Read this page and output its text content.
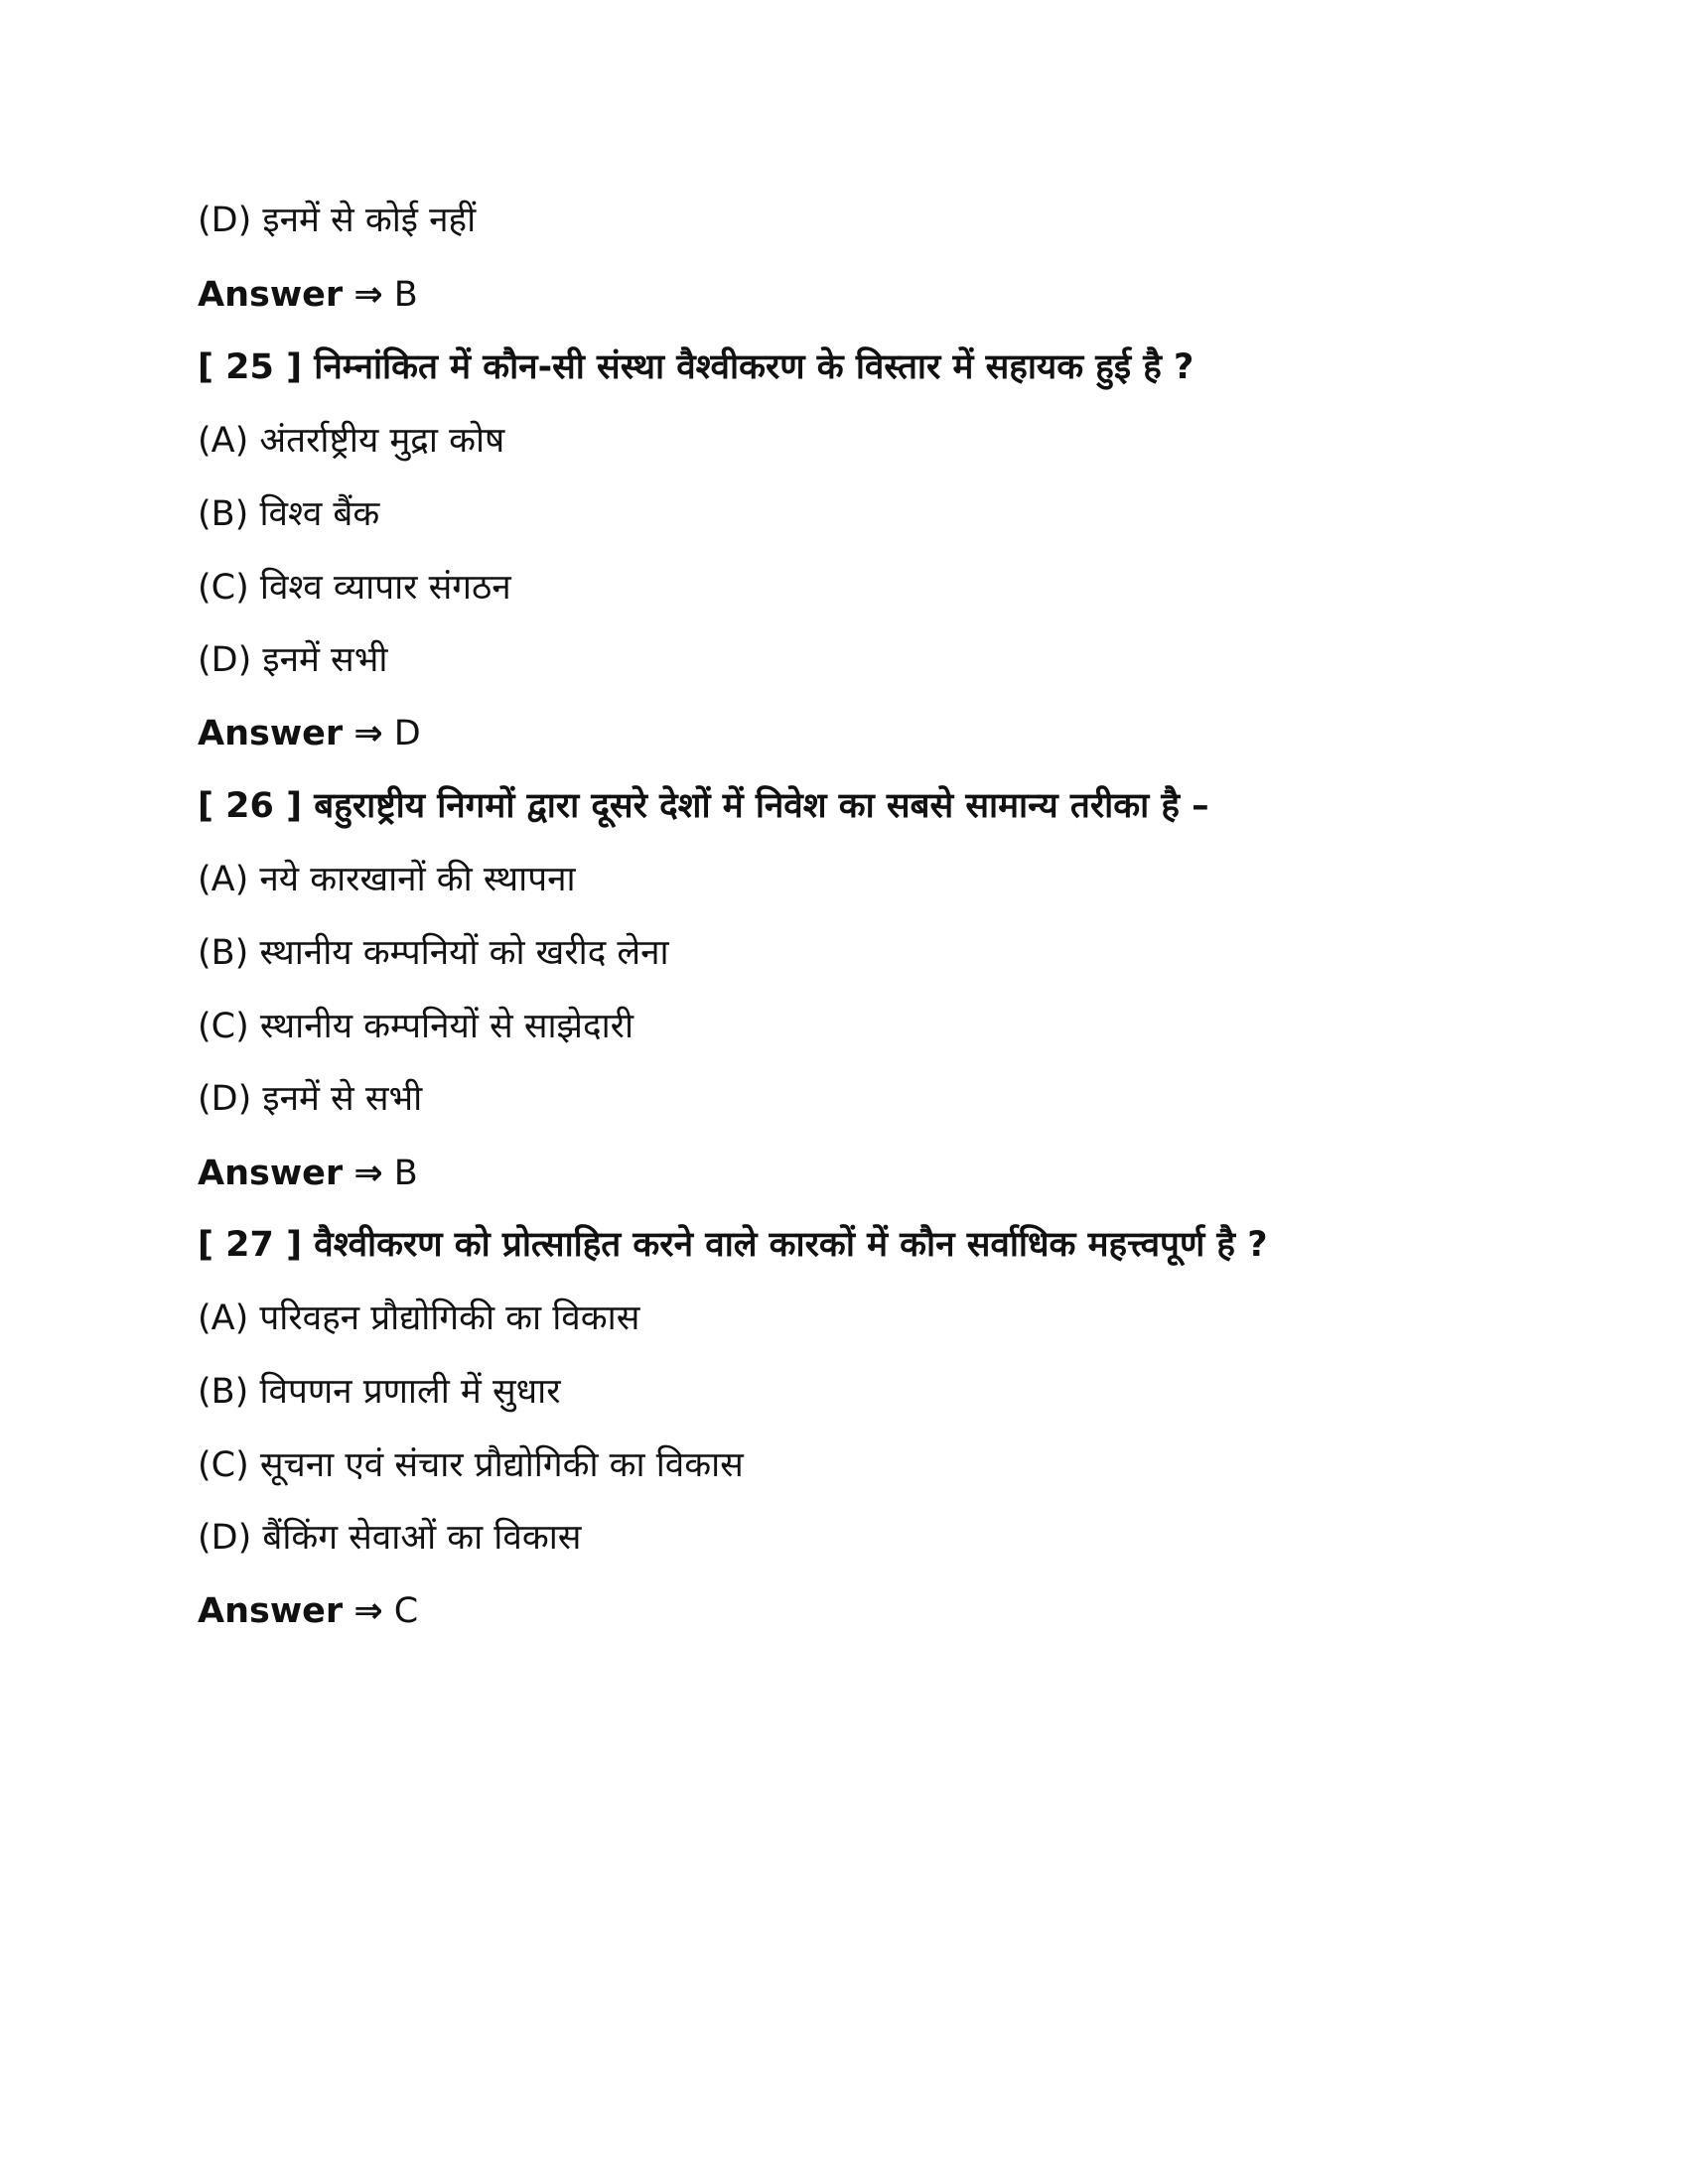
(D) इनमें से कोई नहीं
Answer ⇒ B
[ 25 ] निम्नांकित में कौन-सी संस्था वैश्वीकरण के विस्तार में सहायक हुई है ?
(A) अंतर्राष्ट्रीय मुद्रा कोष
(B) विश्व बैंक
(C) विश्व व्यापार संगठन
(D) इनमें सभी
Answer ⇒ D
[ 26 ] बहुराष्ट्रीय निगमों द्वारा दूसरे देशों में निवेश का सबसे सामान्य तरीका है –
(A) नये कारखानों की स्थापना
(B) स्थानीय कम्पनियों को खरीद लेना
(C) स्थानीय कम्पनियों से साझेदारी
(D) इनमें से सभी
Answer ⇒ B
[ 27 ] वैश्वीकरण को प्रोत्साहित करने वाले कारकों में कौन सर्वाधिक महत्त्वपूर्ण है ?
(A) परिवहन प्रौद्योगिकी का विकास
(B) विपणन प्रणाली में सुधार
(C) सूचना एवं संचार प्रौद्योगिकी का विकास
(D) बैंकिंग सेवाओं का विकास
Answer ⇒ C
